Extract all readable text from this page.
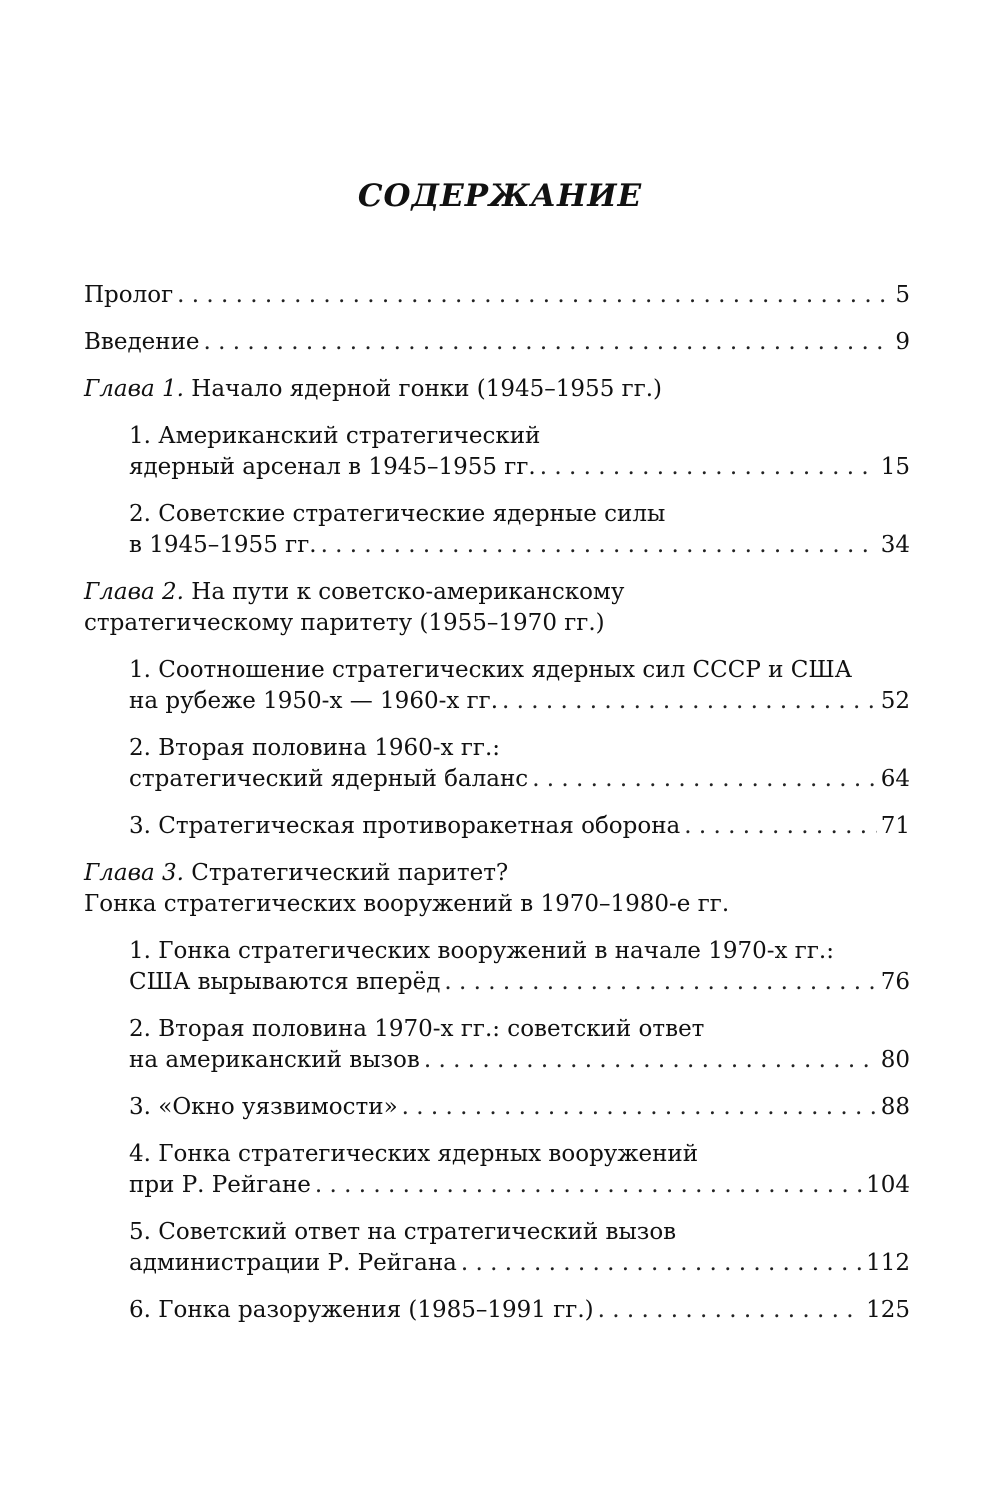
СОДЕРЖАНИЕ
Пролог . . .	5
Введение . . .	9
Глава 1. Начало ядерной гонки (1945–1955 гг.)
1. Американский стратегический
ядерный арсенал в 1945–1955 гг. . . .	15
2. Советские стратегические ядерные силы
в 1945–1955 гг. . . .	34
Глава 2. На пути к советско-американскому
стратегическому паритету (1955–1970 гг.)
1. Соотношение стратегических ядерных сил СССР и США
на рубеже 1950-х — 1960-х гг. . . .	52
2. Вторая половина 1960-х гг.:
стратегический ядерный баланс . . .	64
3. Стратегическая противоракетная оборона . . .	71
Глава 3. Стратегический паритет?
Гонка стратегических вооружений в 1970–1980-е гг.
1. Гонка стратегических вооружений в начале 1970-х гг.:
США вырываются вперёд . . .	76
2. Вторая половина 1970-х гг.: советский ответ
на американский вызов . . .	80
3. «Окно уязвимости» . . .	88
4. Гонка стратегических ядерных вооружений
при Р. Рейгане . . .	104
5. Советский ответ на стратегический вызов
администрации Р. Рейгана . . .	112
6. Гонка разоружения (1985–1991 гг.) . . .	125
